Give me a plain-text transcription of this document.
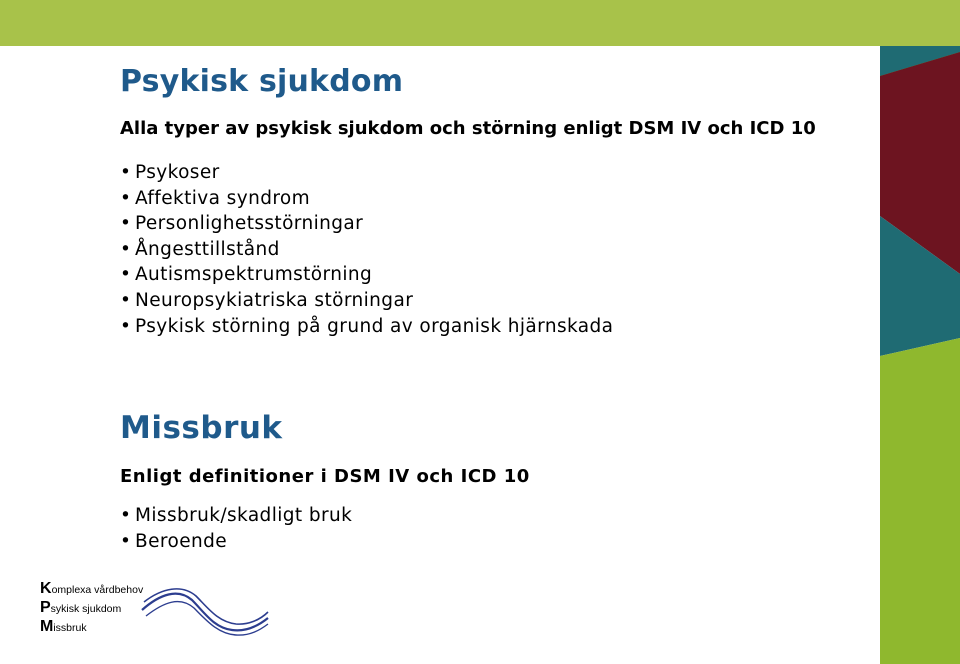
Psykisk sjukdom

Alla typer av psykisk sjukdom och störning enligt DSM IV och ICD 10

• Psykoser
• Affektiva syndrom
• Personlighetsstörningar
• Ångesttillstånd
• Autismspektrumstörning
• Neuropsykiatriska störningar
• Psykisk störning på grund av organisk hjärnskada
Missbruk

Enligt definitioner i DSM IV och ICD 10

• Missbruk/skadligt bruk
• Beroende
Komplexa vårdbehov
Psykisk sjukdom
Missbruk
